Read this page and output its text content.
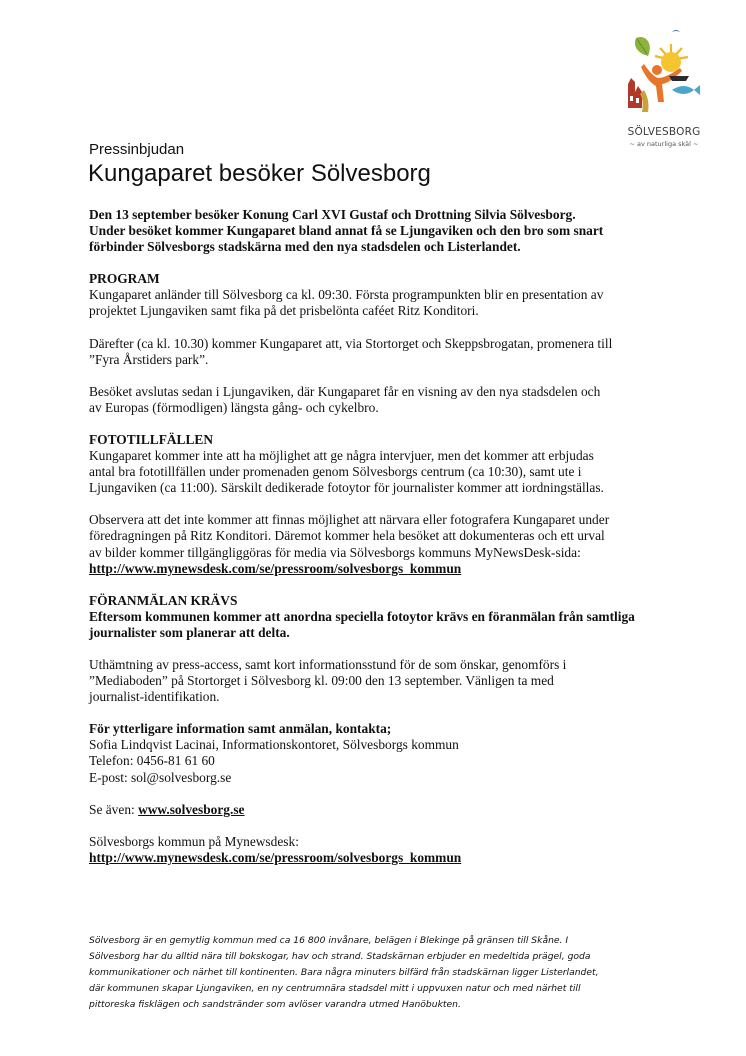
SÖLVESBORG
~ av naturliga skäl ~
Pressinbjudan
Kungaparet besöker Sölvesborg

Den 13 september besöker Konung Carl XVI Gustaf och Drottning Silvia Sölvesborg.

Under besöket kommer Kungaparet bland annat få se Ljungaviken och den bro som snart

förbinder Sölvesborgs stadskärna med den nya stadsdelen och Listerlandet.

PROGRAM

Kungaparet anländer till Sölvesborg ca kl. 09:30. Första programpunkten blir en presentation av

projektet Ljungaviken samt fika på det prisbelönta caféet Ritz Konditori.

Därefter (ca kl. 10.30) kommer Kungaparet att, via Stortorget och Skeppsbrogatan, promenera till

”Fyra Årstiders park”.

Besöket avslutas sedan i Ljungaviken, där Kungaparet får en visning av den nya stadsdelen och

av Europas (förmodligen) längsta gång- och cykelbro.

FOTOTILLFÄLLEN

Kungaparet kommer inte att ha möjlighet att ge några intervjuer, men det kommer att erbjudas

antal bra fototillfällen under promenaden genom Sölvesborgs centrum (ca 10:30), samt ute i

Ljungaviken (ca 11:00). Särskilt dedikerade fotoytor för journalister kommer att iordningställas.

Observera att det inte kommer att finnas möjlighet att närvara eller fotografera Kungaparet under

föredragningen på Ritz Konditori. Däremot kommer hela besöket att dokumenteras och ett urval

av bilder kommer tillgängliggöras för media via Sölvesborgs kommuns MyNewsDesk-sida:

http://www.mynewsdesk.com/se/pressroom/solvesborgs_kommun

FÖRANMÄLAN KRÄVS

Eftersom kommunen kommer att anordna speciella fotoytor krävs en föranmälan från samtliga

journalister som planerar att delta.

Uthämtning av press-access, samt kort informationsstund för de som önskar, genomförs i

”Mediaboden” på Stortorget i Sölvesborg kl. 09:00 den 13 september. Vänligen ta med

journalist-identifikation.

För ytterligare information samt anmälan, kontakta;

Sofia Lindqvist Lacinai, Informationskontoret, Sölvesborgs kommun

Telefon: 0456-81 61 60

E-post: sol@solvesborg.se

Se även: www.solvesborg.se

Sölvesborgs kommun på Mynewsdesk:

http://www.mynewsdesk.com/se/pressroom/solvesborgs_kommun

Sölvesborg är en gemytlig kommun med ca 16 800 invånare, belägen i Blekinge på gränsen till Skåne. I
Sölvesborg har du alltid nära till bokskogar, hav och strand. Stadskärnan erbjuder en medeltida prägel, goda
kommunikationer och närhet till kontinenten. Bara några minuters bilfärd från stadskärnan ligger Listerlandet,
där kommunen skapar Ljungaviken, en ny centrumnära stadsdel mitt i uppvuxen natur och med närhet till
pittoreska fisklägen och sandstränder som avlöser varandra utmed Hanöbukten.
